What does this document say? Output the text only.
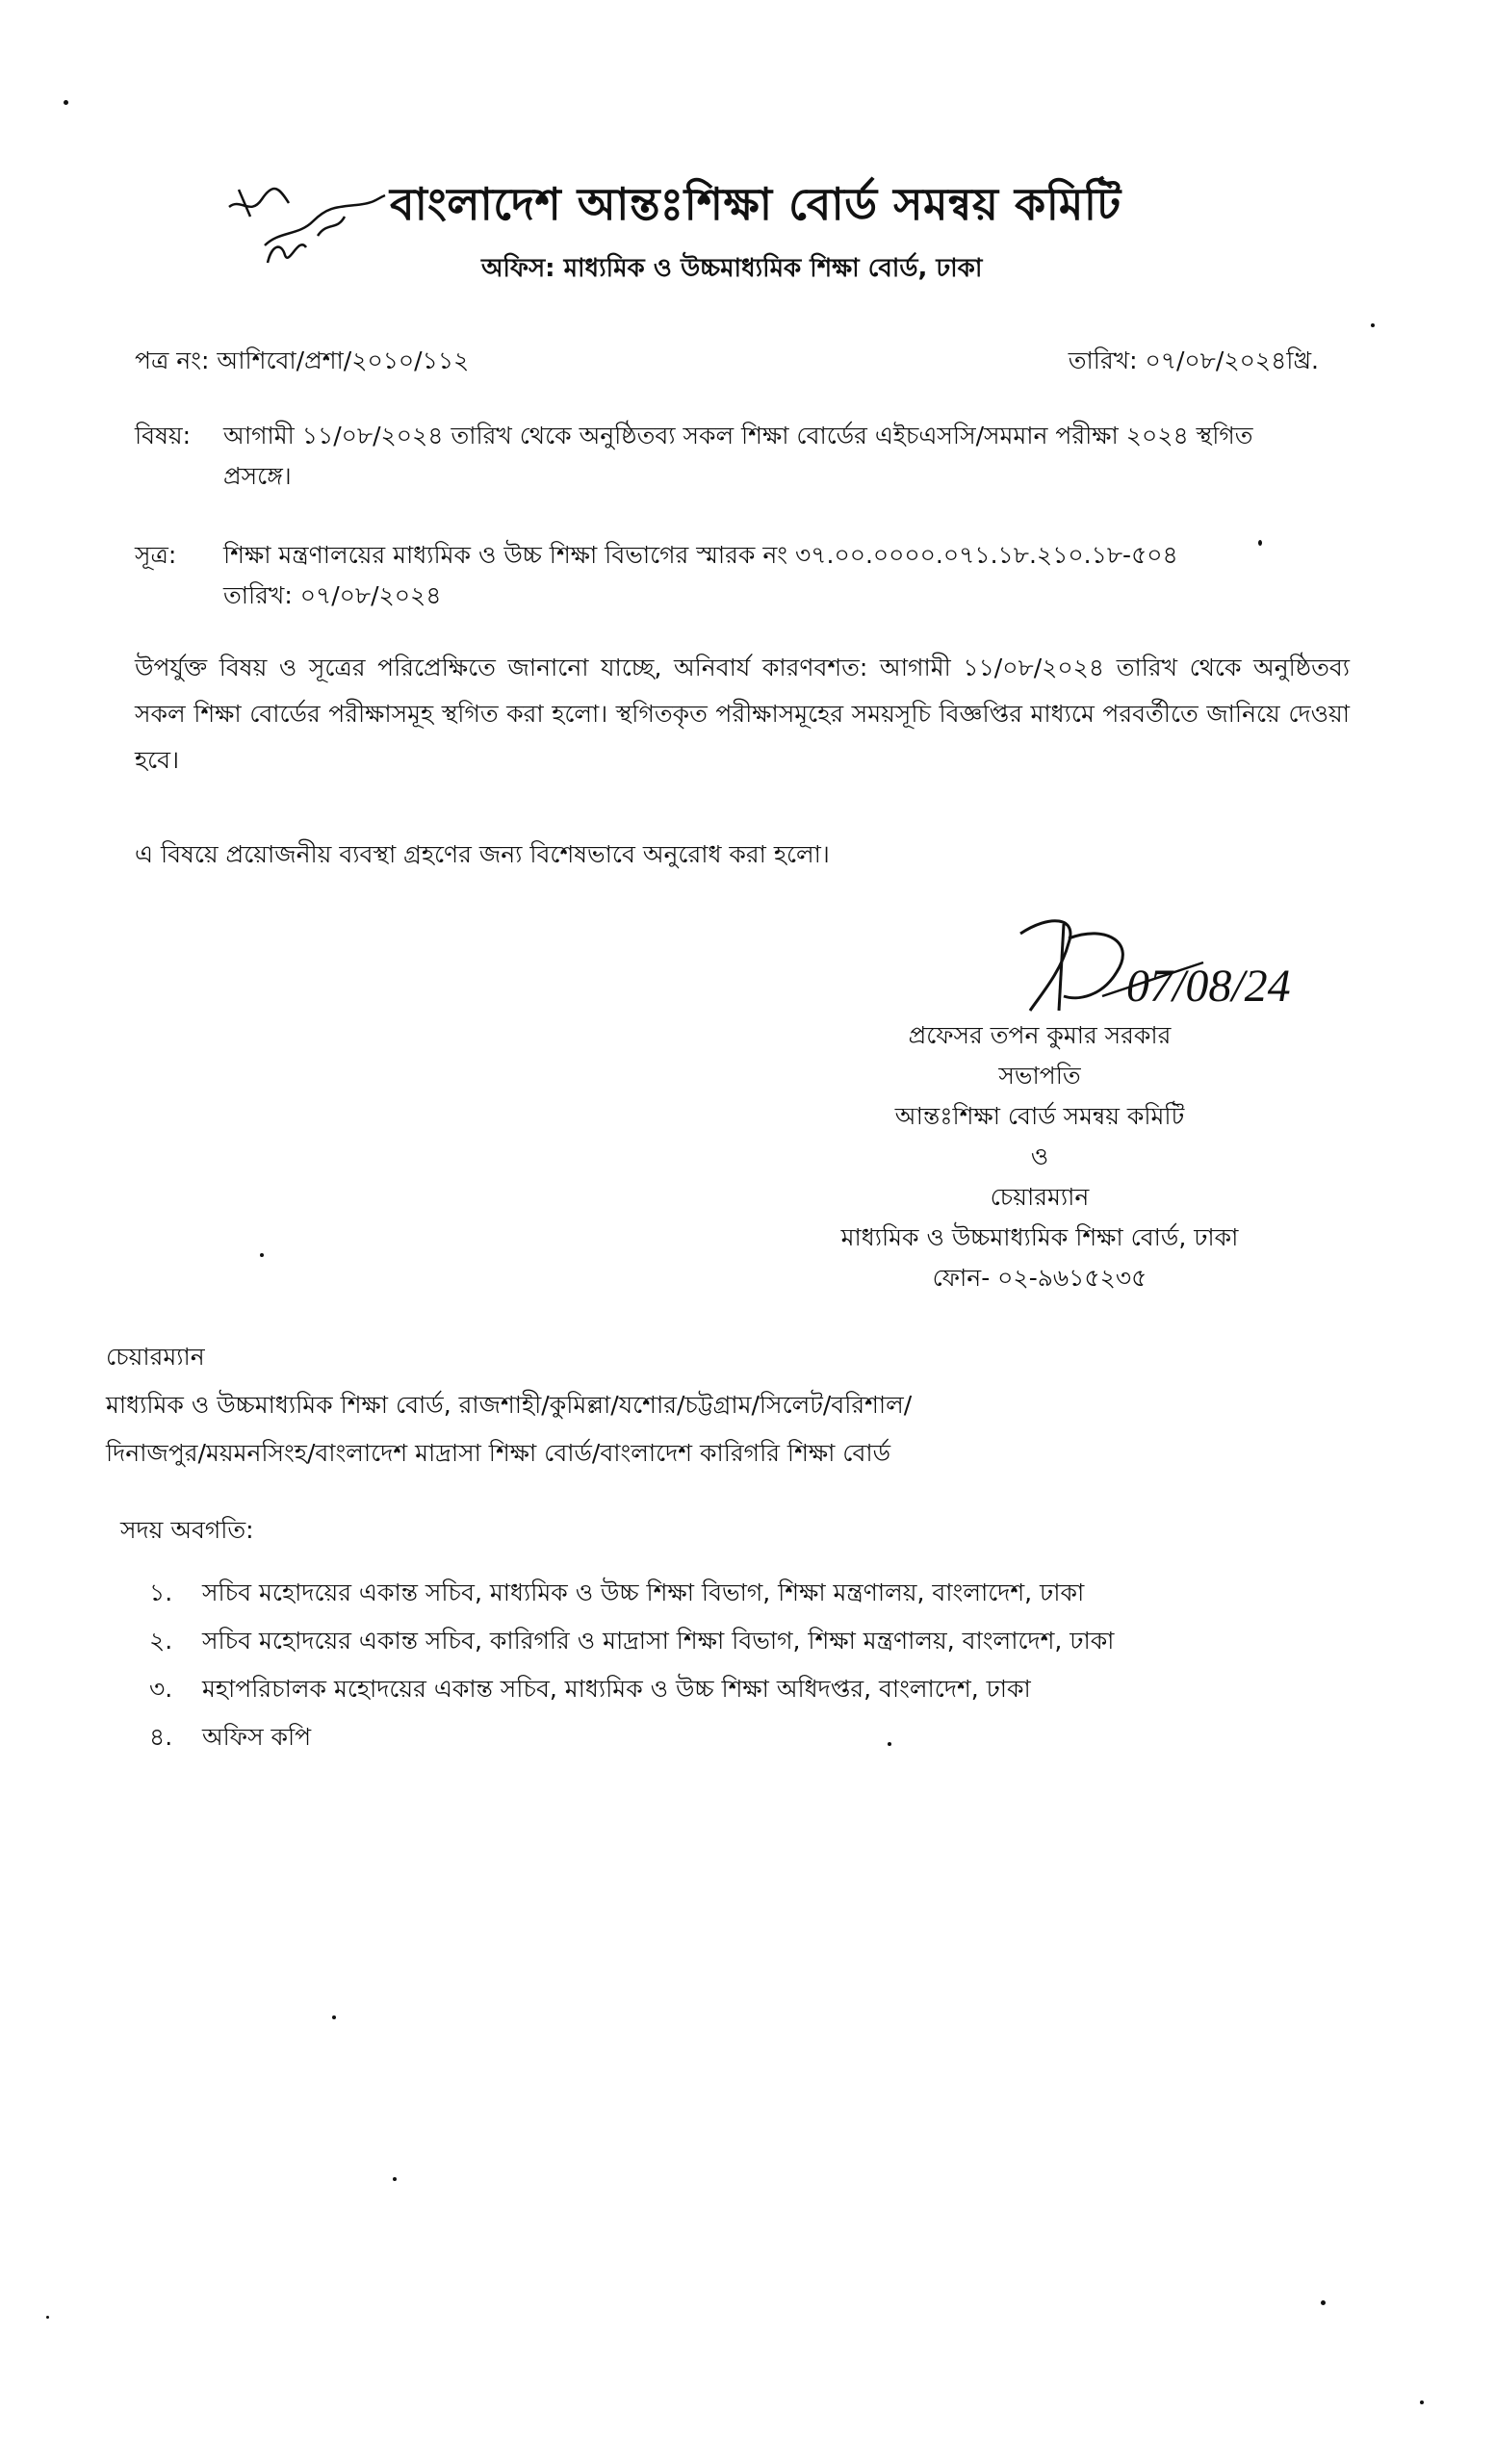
বাংলাদেশ আন্তঃশিক্ষা বোর্ড সমন্বয় কমিটি
অফিস: মাধ্যমিক ও উচ্চমাধ্যমিক শিক্ষা বোর্ড, ঢাকা
পত্র নং: আশিবো/প্রশা/২০১০/১১২	তারিখ: ০৭/০৮/২০২৪খ্রি.
বিষয়:	আগামী ১১/০৮/২০২৪ তারিখ থেকে অনুষ্ঠিতব্য সকল শিক্ষা বোর্ডের এইচএসসি/সমমান পরীক্ষা ২০২৪ স্থগিত
প্রসঙ্গে।
সূত্র:	শিক্ষা মন্ত্রণালয়ের মাধ্যমিক ও উচ্চ শিক্ষা বিভাগের স্মারক নং ৩৭.০০.০০০০.০৭১.১৮.২১০.১৮-৫০৪
তারিখ: ০৭/০৮/২০২৪
উপর্যুক্ত বিষয় ও সূত্রের পরিপ্রেক্ষিতে জানানো যাচ্ছে, অনিবার্য কারণবশত: আগামী ১১/০৮/২০২৪ তারিখ থেকে অনুষ্ঠিতব্য সকল শিক্ষা বোর্ডের পরীক্ষাসমূহ স্থগিত করা হলো। স্থগিতকৃত পরীক্ষাসমূহের সময়সূচি বিজ্ঞপ্তির মাধ্যমে পরবর্তীতে জানিয়ে দেওয়া হবে।
এ বিষয়ে প্রয়োজনীয় ব্যবস্থা গ্রহণের জন্য বিশেষভাবে অনুরোধ করা হলো।
07/08/24
প্রফেসর তপন কুমার সরকার
সভাপতি
আন্তঃশিক্ষা বোর্ড সমন্বয় কমিটি
ও
চেয়ারম্যান
মাধ্যমিক ও উচ্চমাধ্যমিক শিক্ষা বোর্ড, ঢাকা
ফোন- ০২-৯৬১৫২৩৫
চেয়ারম্যান
মাধ্যমিক ও উচ্চমাধ্যমিক শিক্ষা বোর্ড, রাজশাহী/কুমিল্লা/যশোর/চট্টগ্রাম/সিলেট/বরিশাল/
দিনাজপুর/ময়মনসিংহ/বাংলাদেশ মাদ্রাসা শিক্ষা বোর্ড/বাংলাদেশ কারিগরি শিক্ষা বোর্ড
সদয় অবগতি:
১.	সচিব মহোদয়ের একান্ত সচিব, মাধ্যমিক ও উচ্চ শিক্ষা বিভাগ, শিক্ষা মন্ত্রণালয়, বাংলাদেশ, ঢাকা
২.	সচিব মহোদয়ের একান্ত সচিব, কারিগরি ও মাদ্রাসা শিক্ষা বিভাগ, শিক্ষা মন্ত্রণালয়, বাংলাদেশ, ঢাকা
৩.	মহাপরিচালক মহোদয়ের একান্ত সচিব, মাধ্যমিক ও উচ্চ শিক্ষা অধিদপ্তর, বাংলাদেশ, ঢাকা
৪.	অফিস কপি
